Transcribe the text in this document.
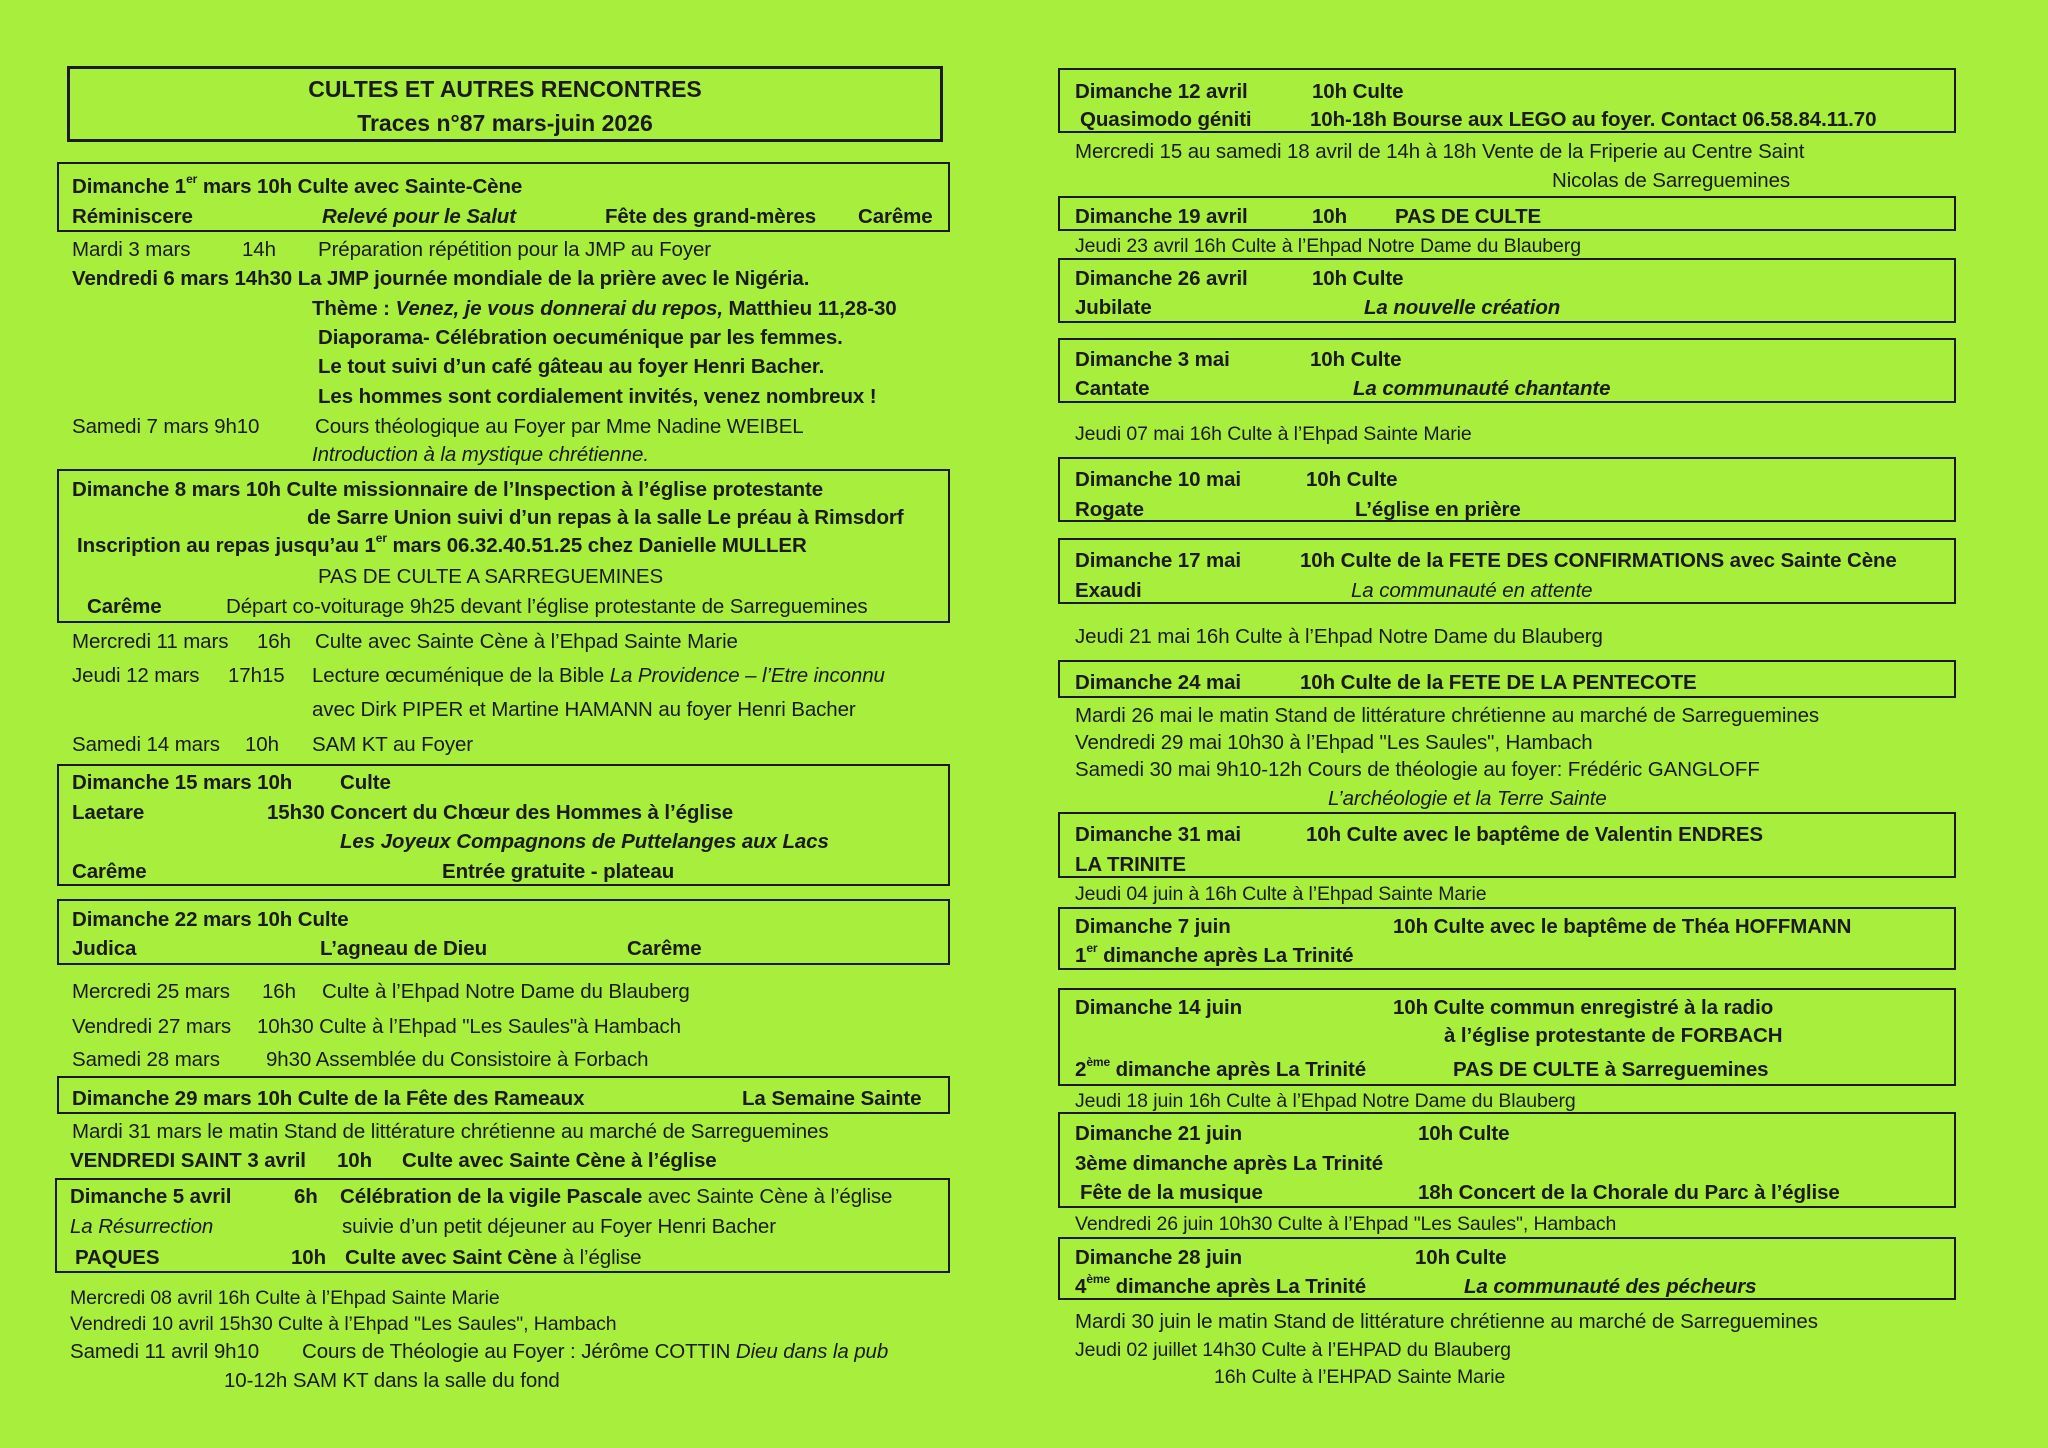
CULTES ET AUTRES RENCONTRES
Traces n°87 mars-juin 2026
Dimanche 1er mars 10h Culte avec Sainte-Cène
Réminiscere	Relevé pour le Salut	Fête des grand-mères Carême
Mardi 3 mars	14h Préparation répétition pour la JMP au Foyer
Vendredi 6 mars 14h30 La JMP journée mondiale de la prière avec le Nigéria.
Thème : Venez, je vous donnerai du repos, Matthieu 11,28-30
Diaporama- Célébration oecuménique par les femmes.
Le tout suivi d’un café gâteau au foyer Henri Bacher.
Les hommes sont cordialement invités, venez nombreux !
Samedi 7 mars 9h10	Cours théologique au Foyer par Mme Nadine WEIBEL
Introduction à la mystique chrétienne.
Dimanche 8 mars 10h Culte missionnaire de l’Inspection à l’église protestante
de Sarre Union suivi d’un repas à la salle Le préau à Rimsdorf
Inscription au repas jusqu’au 1er mars 06.32.40.51.25 chez Danielle MULLER
PAS DE CULTE A SARREGUEMINES
Carême	Départ co-voiturage 9h25 devant l’église protestante de Sarreguemines
Mercredi 11 mars 16h Culte avec Sainte Cène à l’Ehpad Sainte Marie
Jeudi 12 mars 17h15 Lecture œcuménique de la Bible La Providence – l’Etre inconnu
avec Dirk PIPER et Martine HAMANN au foyer Henri Bacher
Samedi 14 mars 10h SAM KT au Foyer
Dimanche 15 mars 10h Culte
Laetare	15h30 Concert du Chœur des Hommes à l’église
Les Joyeux Compagnons de Puttelanges aux Lacs
Carême	Entrée gratuite - plateau
Dimanche 22 mars 10h Culte
Judica	L’agneau de Dieu	Carême
Mercredi 25 mars 16h Culte à l’Ehpad Notre Dame du Blauberg
Vendredi 27 mars 10h30 Culte à l’Ehpad "Les Saules"à Hambach
Samedi 28 mars 9h30 Assemblée du Consistoire à Forbach
Dimanche 29 mars 10h Culte de la Fête des Rameaux	La Semaine Sainte
Mardi 31 mars le matin Stand de littérature chrétienne au marché de Sarreguemines
VENDREDI SAINT 3 avril 10h Culte avec Sainte Cène à l’église
Dimanche 5 avril	6h Célébration de la vigile Pascale avec Sainte Cène à l’église
La Résurrection	suivie d’un petit déjeuner au Foyer Henri Bacher
PAQUES	10h Culte avec Saint Cène à l’église
Mercredi 08 avril 16h Culte à l’Ehpad Sainte Marie
Vendredi 10 avril 15h30 Culte à l’Ehpad "Les Saules", Hambach
Samedi 11 avril 9h10 Cours de Théologie au Foyer : Jérôme COTTIN Dieu dans la pub
10-12h SAM KT dans la salle du fond
Dimanche 12 avril	10h Culte
Quasimodo géniti	10h-18h Bourse aux LEGO au foyer. Contact 06.58.84.11.70
Mercredi 15 au samedi 18 avril de 14h à 18h Vente de la Friperie au Centre Saint
Nicolas de Sarreguemines
Dimanche 19 avril	10h PAS DE CULTE
Jeudi 23 avril 16h Culte à l’Ehpad Notre Dame du Blauberg
Dimanche 26 avril	10h Culte
Jubilate	La nouvelle création
Dimanche 3 mai	10h Culte
Cantate	La communauté chantante
Jeudi 07 mai 16h Culte à l’Ehpad Sainte Marie
Dimanche 10 mai	10h Culte
Rogate	L’église en prière
Dimanche 17 mai	10h Culte de la FETE DES CONFIRMATIONS avec Sainte Cène
Exaudi	La communauté en attente
Jeudi 21 mai 16h Culte à l’Ehpad Notre Dame du Blauberg
Dimanche 24 mai	10h Culte de la FETE DE LA PENTECOTE
Mardi 26 mai le matin Stand de littérature chrétienne au marché de Sarreguemines
Vendredi 29 mai 10h30 à l’Ehpad "Les Saules", Hambach
Samedi 30 mai 9h10-12h Cours de théologie au foyer: Frédéric GANGLOFF
L’archéologie et la Terre Sainte
Dimanche 31 mai	10h Culte avec le baptême de Valentin ENDRES
LA TRINITE
Jeudi 04 juin à 16h Culte à l’Ehpad Sainte Marie
Dimanche 7 juin	10h Culte avec le baptême de Théa HOFFMANN
1er dimanche après La Trinité
Dimanche 14 juin	10h Culte commun enregistré à la radio
à l’église protestante de FORBACH
2ème dimanche après La Trinité	PAS DE CULTE à Sarreguemines
Jeudi 18 juin 16h Culte à l’Ehpad Notre Dame du Blauberg
Dimanche 21 juin	10h Culte
3ème dimanche après La Trinité
Fête de la musique	18h Concert de la Chorale du Parc à l’église
Vendredi 26 juin 10h30 Culte à l’Ehpad "Les Saules", Hambach
Dimanche 28 juin	10h Culte
4ème dimanche après La Trinité	La communauté des pécheurs
Mardi 30 juin le matin Stand de littérature chrétienne au marché de Sarreguemines
Jeudi 02 juillet 14h30 Culte à l’EHPAD du Blauberg
16h Culte à l’EHPAD Sainte Marie
